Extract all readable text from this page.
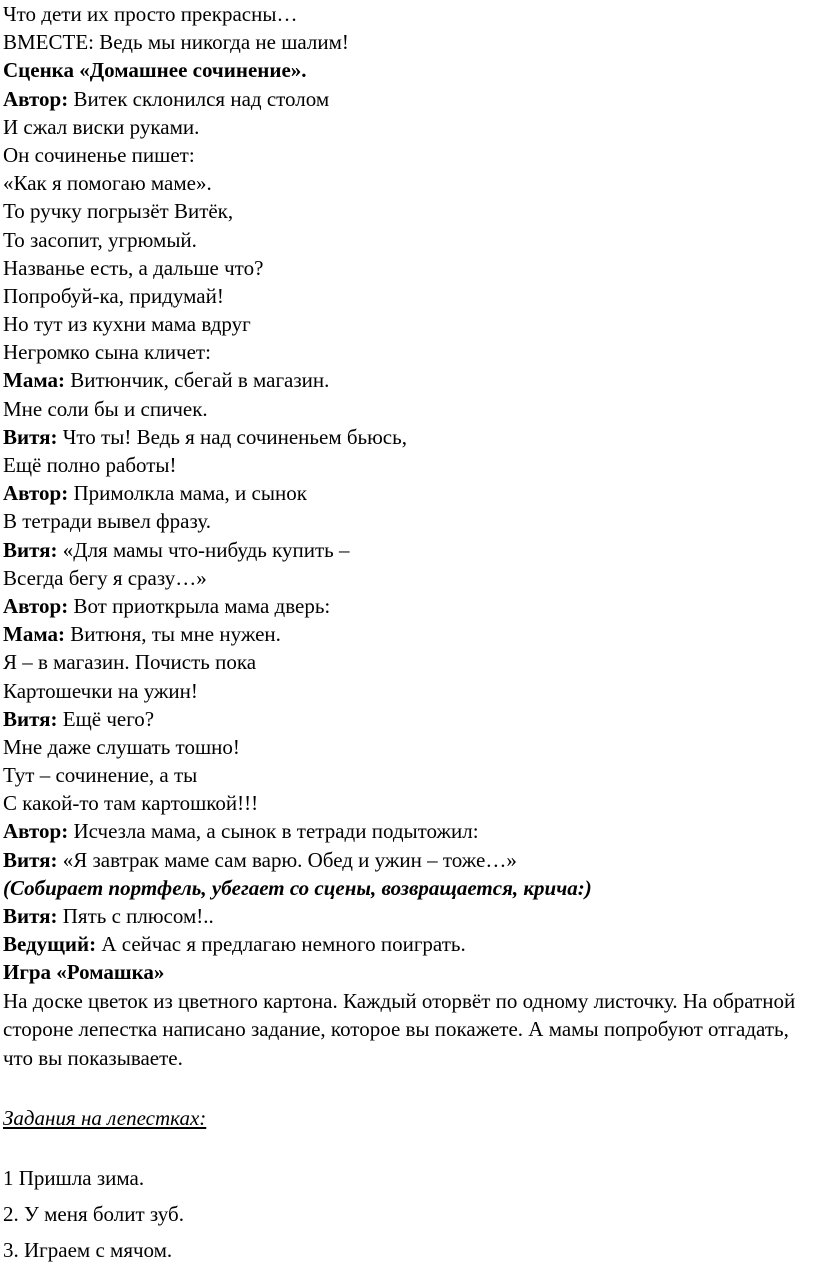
Что дети их просто прекрасны…

ВМЕСТЕ: Ведь мы никогда не шалим!

Сценка «Домашнее сочинение».

Автор: Витек склонился над столом

И сжал виски руками.

Он сочиненье пишет:

«Как я помогаю маме».

То ручку погрызёт Витёк,

То засопит, угрюмый.

Названье есть, а дальше что?

Попробуй-ка, придумай!

Но тут из кухни мама вдруг

Негромко сына кличет:

Мама: Витюнчик, сбегай в магазин.

Мне соли бы и спичек.

Витя: Что ты! Ведь я над сочиненьем бьюсь,

Ещё полно работы!

Автор: Примолкла мама, и сынок

В тетради вывел фразу.

Витя: «Для мамы что-нибудь купить –

Всегда бегу я сразу…»

Автор: Вот приоткрыла мама дверь:

Мама: Витюня, ты мне нужен.

Я – в магазин. Почисть пока

Картошечки на ужин!

Витя: Ещё чего?

Мне даже слушать тошно!

Тут – сочинение, а ты

С какой-то там картошкой!!!

Автор: Исчезла мама, а сынок в тетради подытожил:

Витя: «Я завтрак маме сам варю. Обед и ужин – тоже…»

(Собирает портфель, убегает со сцены, возвращается, крича:)

Витя: Пять с плюсом!..

Ведущий: А сейчас я предлагаю немного поиграть.

Игра «Ромашка»

На доске цветок из цветного картона. Каждый оторвёт по одному листочку. На обратной стороне лепестка написано задание, которое вы покажете. А мамы попробуют отгадать, что вы показываете.

Задания на лепестках:

1 Пришла зима.

2. У меня болит зуб.

3. Играем с мячом.
